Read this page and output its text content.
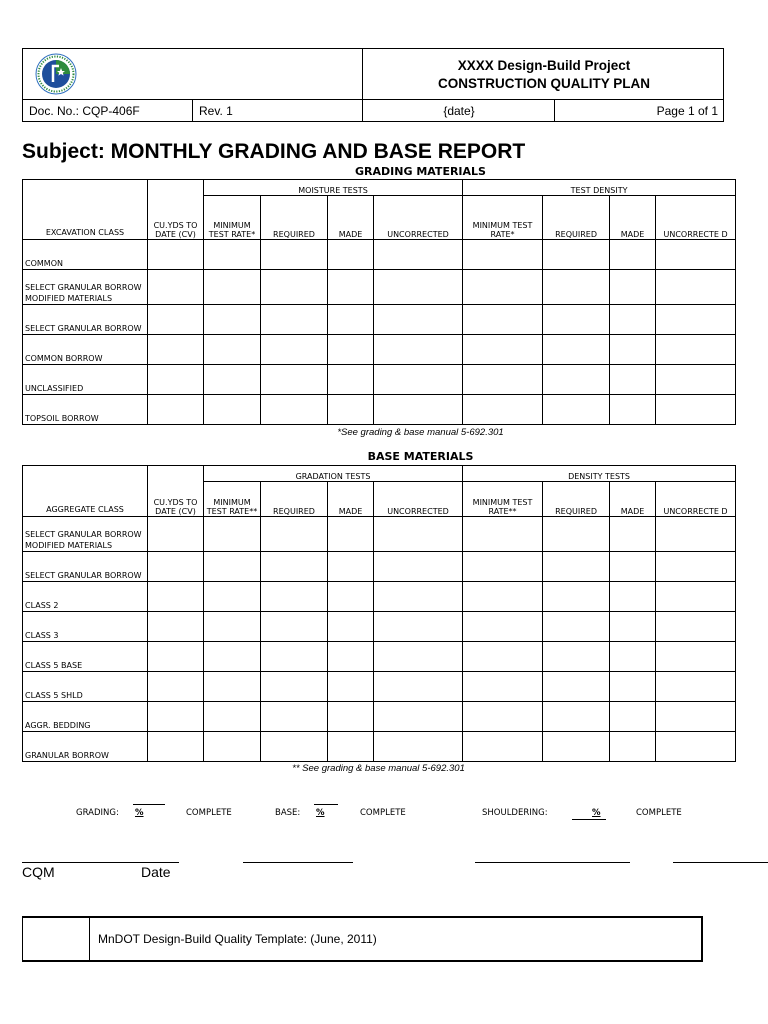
XXXX Design-Build Project
CONSTRUCTION QUALITY PLAN
Doc. No.: CQP-406F	Rev. 1	{date}	Page 1 of 1
Subject: MONTHLY GRADING AND BASE REPORT
GRADING MATERIALS
EXCAVATION CLASS	CU.YDS TO DATE (CV)	MOISTURE TESTS				TEST DENSITY			
		MINIMUM TEST RATE*	REQUIRED	MADE	UNCORRECTED	MINIMUM TEST RATE*	REQUIRED	MADE	UNCORRECTE D
COMMON									
SELECT GRANULAR BORROW MODIFIED MATERIALS									
SELECT GRANULAR BORROW									
COMMON BORROW									
UNCLASSIFIED									
TOPSOIL BORROW									
*See grading & base manual 5-692.301
BASE MATERIALS
AGGREGATE CLASS	CU.YDS TO DATE (CV)	GRADATION TESTS				DENSITY TESTS			
		MINIMUM TEST RATE**	REQUIRED	MADE	UNCORRECTED	MINIMUM TEST RATE**	REQUIRED	MADE	UNCORRECTE D
SELECT GRANULAR BORROW MODIFIED MATERIALS									
SELECT GRANULAR BORROW									
CLASS 2									
CLASS 3									
CLASS 5 BASE									
CLASS 5 SHLD									
AGGR. BEDDING									
GRANULAR BORROW									
** See grading & base manual 5-692.301
GRADING: %	COMPLETE	BASE: %	COMPLETE	SHOULDERING:	%	COMPLETE
CQM	Date
MnDOT Design-Build Quality Template: (June, 2011)
